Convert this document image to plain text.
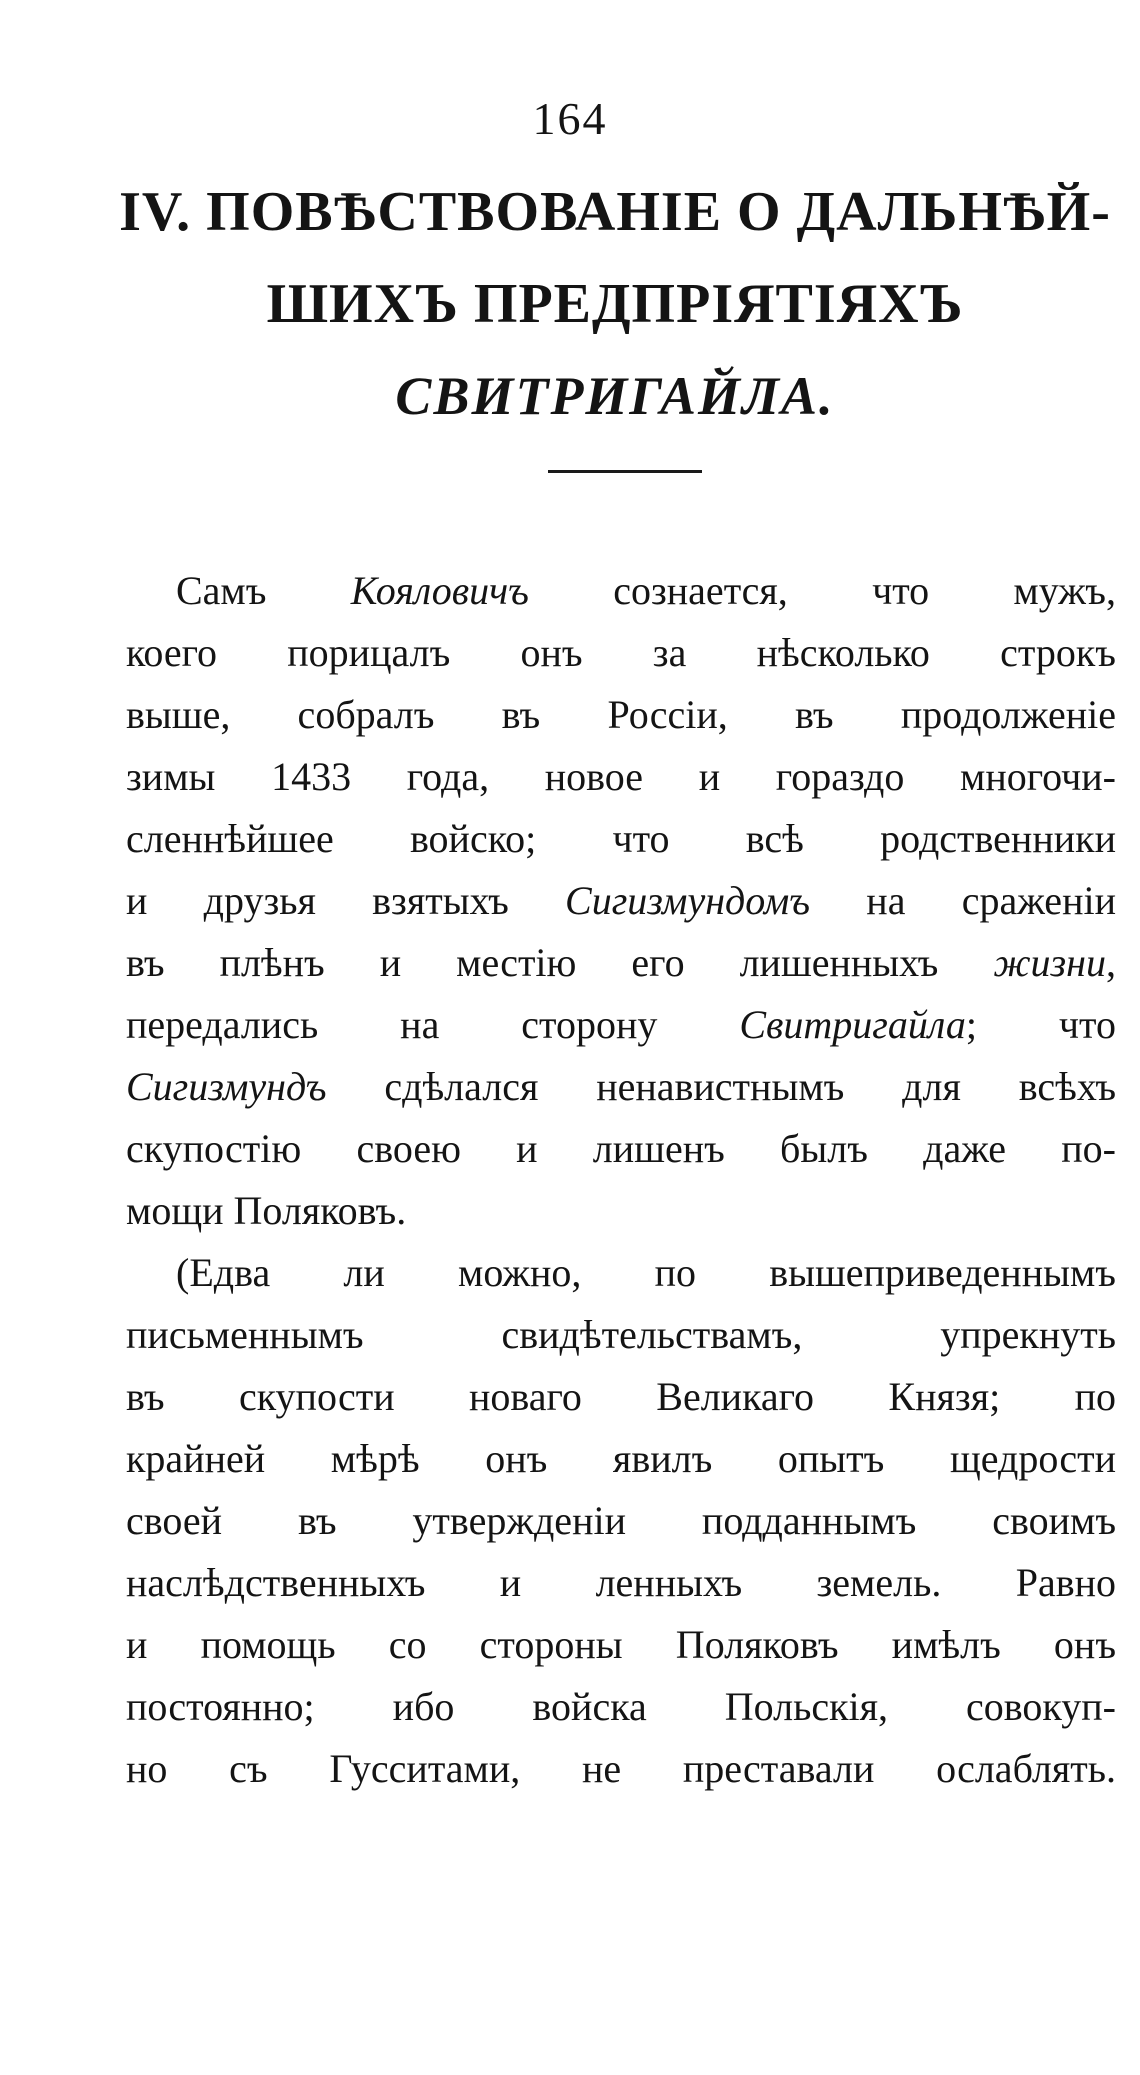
164
IV. ПОВѢСТВОВАНІЕ О ДАЛЬНѢЙ-
ШИХЪ ПРЕДПРІЯТІЯХЪ
СВИТРИГАЙЛА.
Самъ Кояловичъ сознается, что мужъ,
коего порицалъ онъ за нѣсколько строкъ
выше, собралъ въ Россіи, въ продолженіе
зимы 1433 года, новое и гораздо многочи-
сленнѣйшее войско; что всѣ родственники
и друзья взятыхъ Сигизмундомъ на сраженіи
въ плѣнъ и местію его лишенныхъ жизни,
передались на сторону Свитригайла; что
Сигизмундъ сдѣлался ненавистнымъ для всѣхъ
скупостію своею и лишенъ былъ даже по-
мощи Поляковъ.
(Едва ли можно, по вышеприведеннымъ
письменнымъ свидѣтельствамъ, упрекнуть
въ скупости новаго Великаго Князя; по
крайней мѣрѣ онъ явилъ опытъ щедрости
своей въ утвержденіи подданнымъ своимъ
наслѣдственныхъ и ленныхъ земель. Равно
и помощь со стороны Поляковъ имѣлъ онъ
постоянно; ибо войска Польскія, совокуп-
но съ Гусситами, не преставали ослаблять.
